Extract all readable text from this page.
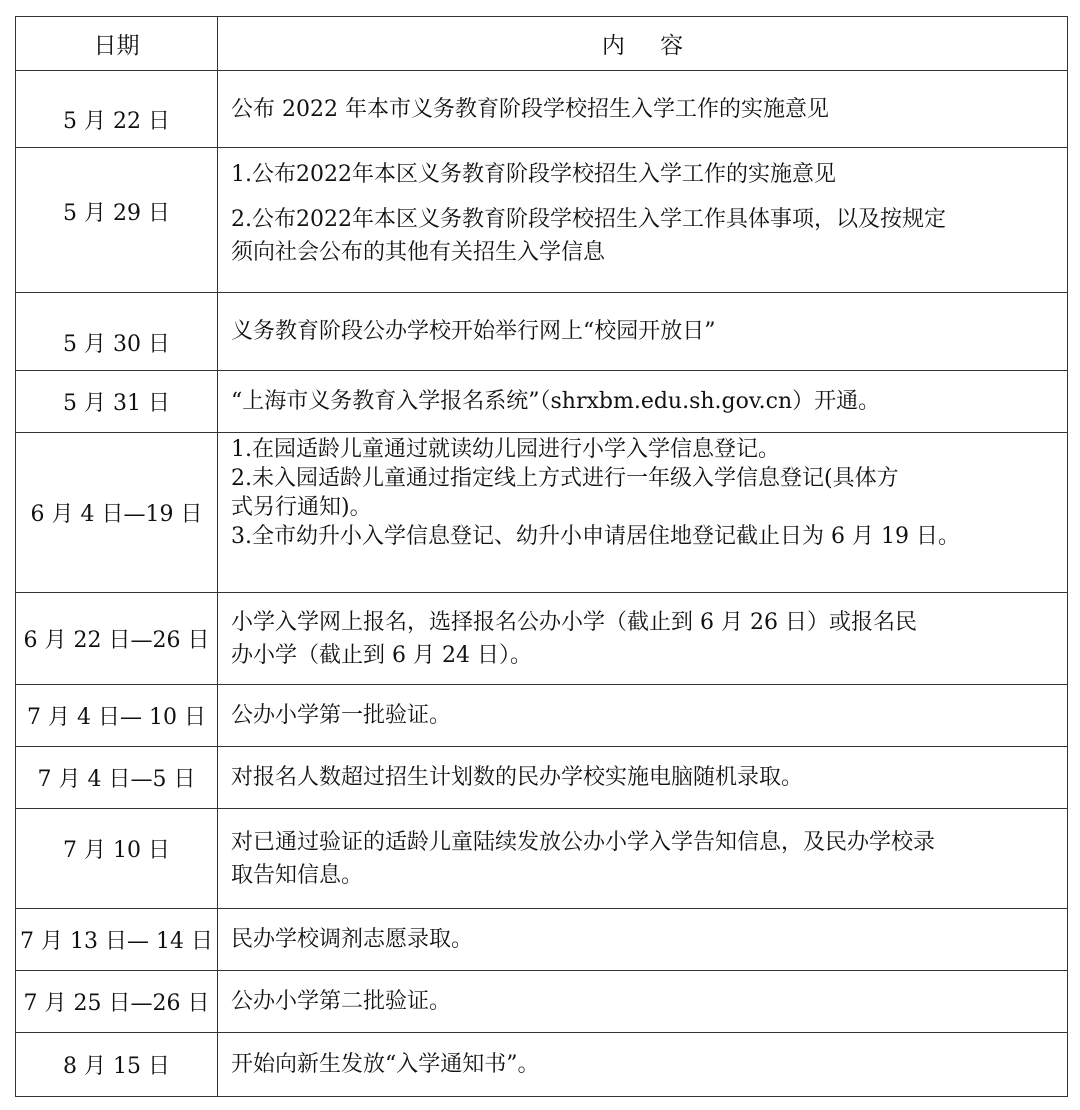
日期	内 容
5 月 22 日	公布 2022 年本市义务教育阶段学校招生入学工作的实施意见

5 月 29 日	1.公布2022年本区义务教育阶段学校招生入学工作的实施意见
2.公布2022年本区义务教育阶段学校招生入学工作具体事项，以及按规定
须向社会公布的其他有关招生入学信息

5 月 30 日	义务教育阶段公办学校开始举行网上“校园开放日”

5 月 31 日	“上海市义务教育入学报名系统”（shrxbm.edu.sh.gov.cn）开通。

6 月 4 日—19 日	1.在园适龄儿童通过就读幼儿园进行小学入学信息登记。
2.未入园适龄儿童通过指定线上方式进行一年级入学信息登记(具体方
式另行通知)。
3.全市幼升小入学信息登记、幼升小申请居住地登记截止日为 6 月 19 日。

6 月 22 日—26 日	小学入学网上报名，选择报名公办小学（截止到 6 月 26 日）或报名民
办小学（截止到 6 月 24 日）。

7 月 4 日— 10 日	公办小学第一批验证。

7 月 4 日—5 日	对报名人数超过招生计划数的民办学校实施电脑随机录取。

7 月 10 日	对已通过验证的适龄儿童陆续发放公办小学入学告知信息，及民办学校录
取告知信息。

7 月 13 日— 14 日	民办学校调剂志愿录取。

7 月 25 日—26 日	公办小学第二批验证。

8 月 15 日	开始向新生发放“入学通知书”。
